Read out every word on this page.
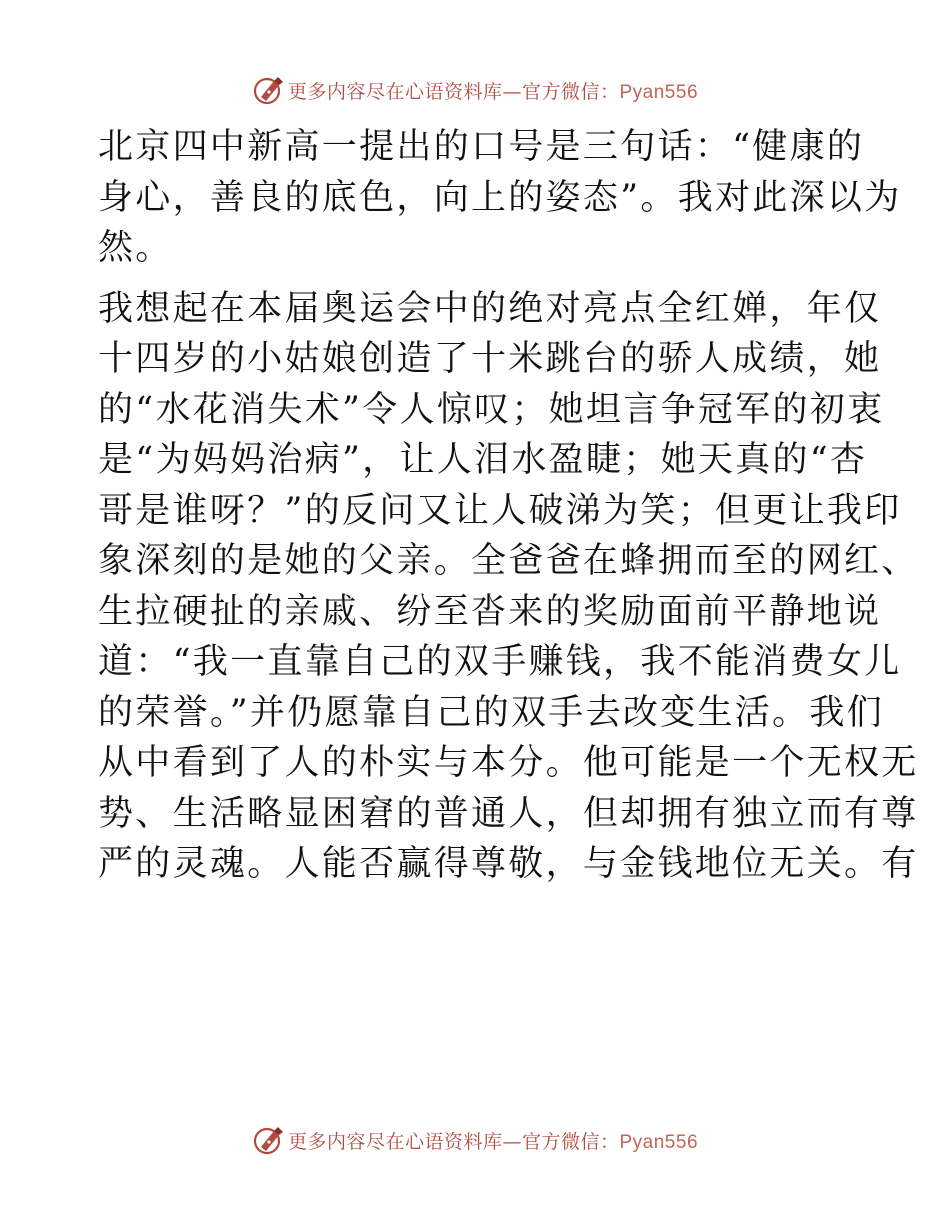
更多内容尽在心语资料库—官方微信：Pyan556
北京四中新高一提出的口号是三句话：“健康的
身心，善良的底色，向上的姿态”。我对此深以为
然。
我想起在本届奥运会中的绝对亮点全红婵，年仅
十四岁的小姑娘创造了十米跳台的骄人成绩，她
的“水花消失术”令人惊叹；她坦言争冠军的初衷
是“为妈妈治病”，让人泪水盈睫；她天真的“杏
哥是谁呀？”的反问又让人破涕为笑；但更让我印
象深刻的是她的父亲。全爸爸在蜂拥而至的网红、
生拉硬扯的亲戚、纷至沓来的奖励面前平静地说
道：“我一直靠自己的双手赚钱，我不能消费女儿
的荣誉。”并仍愿靠自己的双手去改变生活。我们
从中看到了人的朴实与本分。他可能是一个无权无
势、生活略显困窘的普通人，但却拥有独立而有尊
严的灵魂。人能否赢得尊敬，与金钱地位无关。有
更多内容尽在心语资料库—官方微信：Pyan556
